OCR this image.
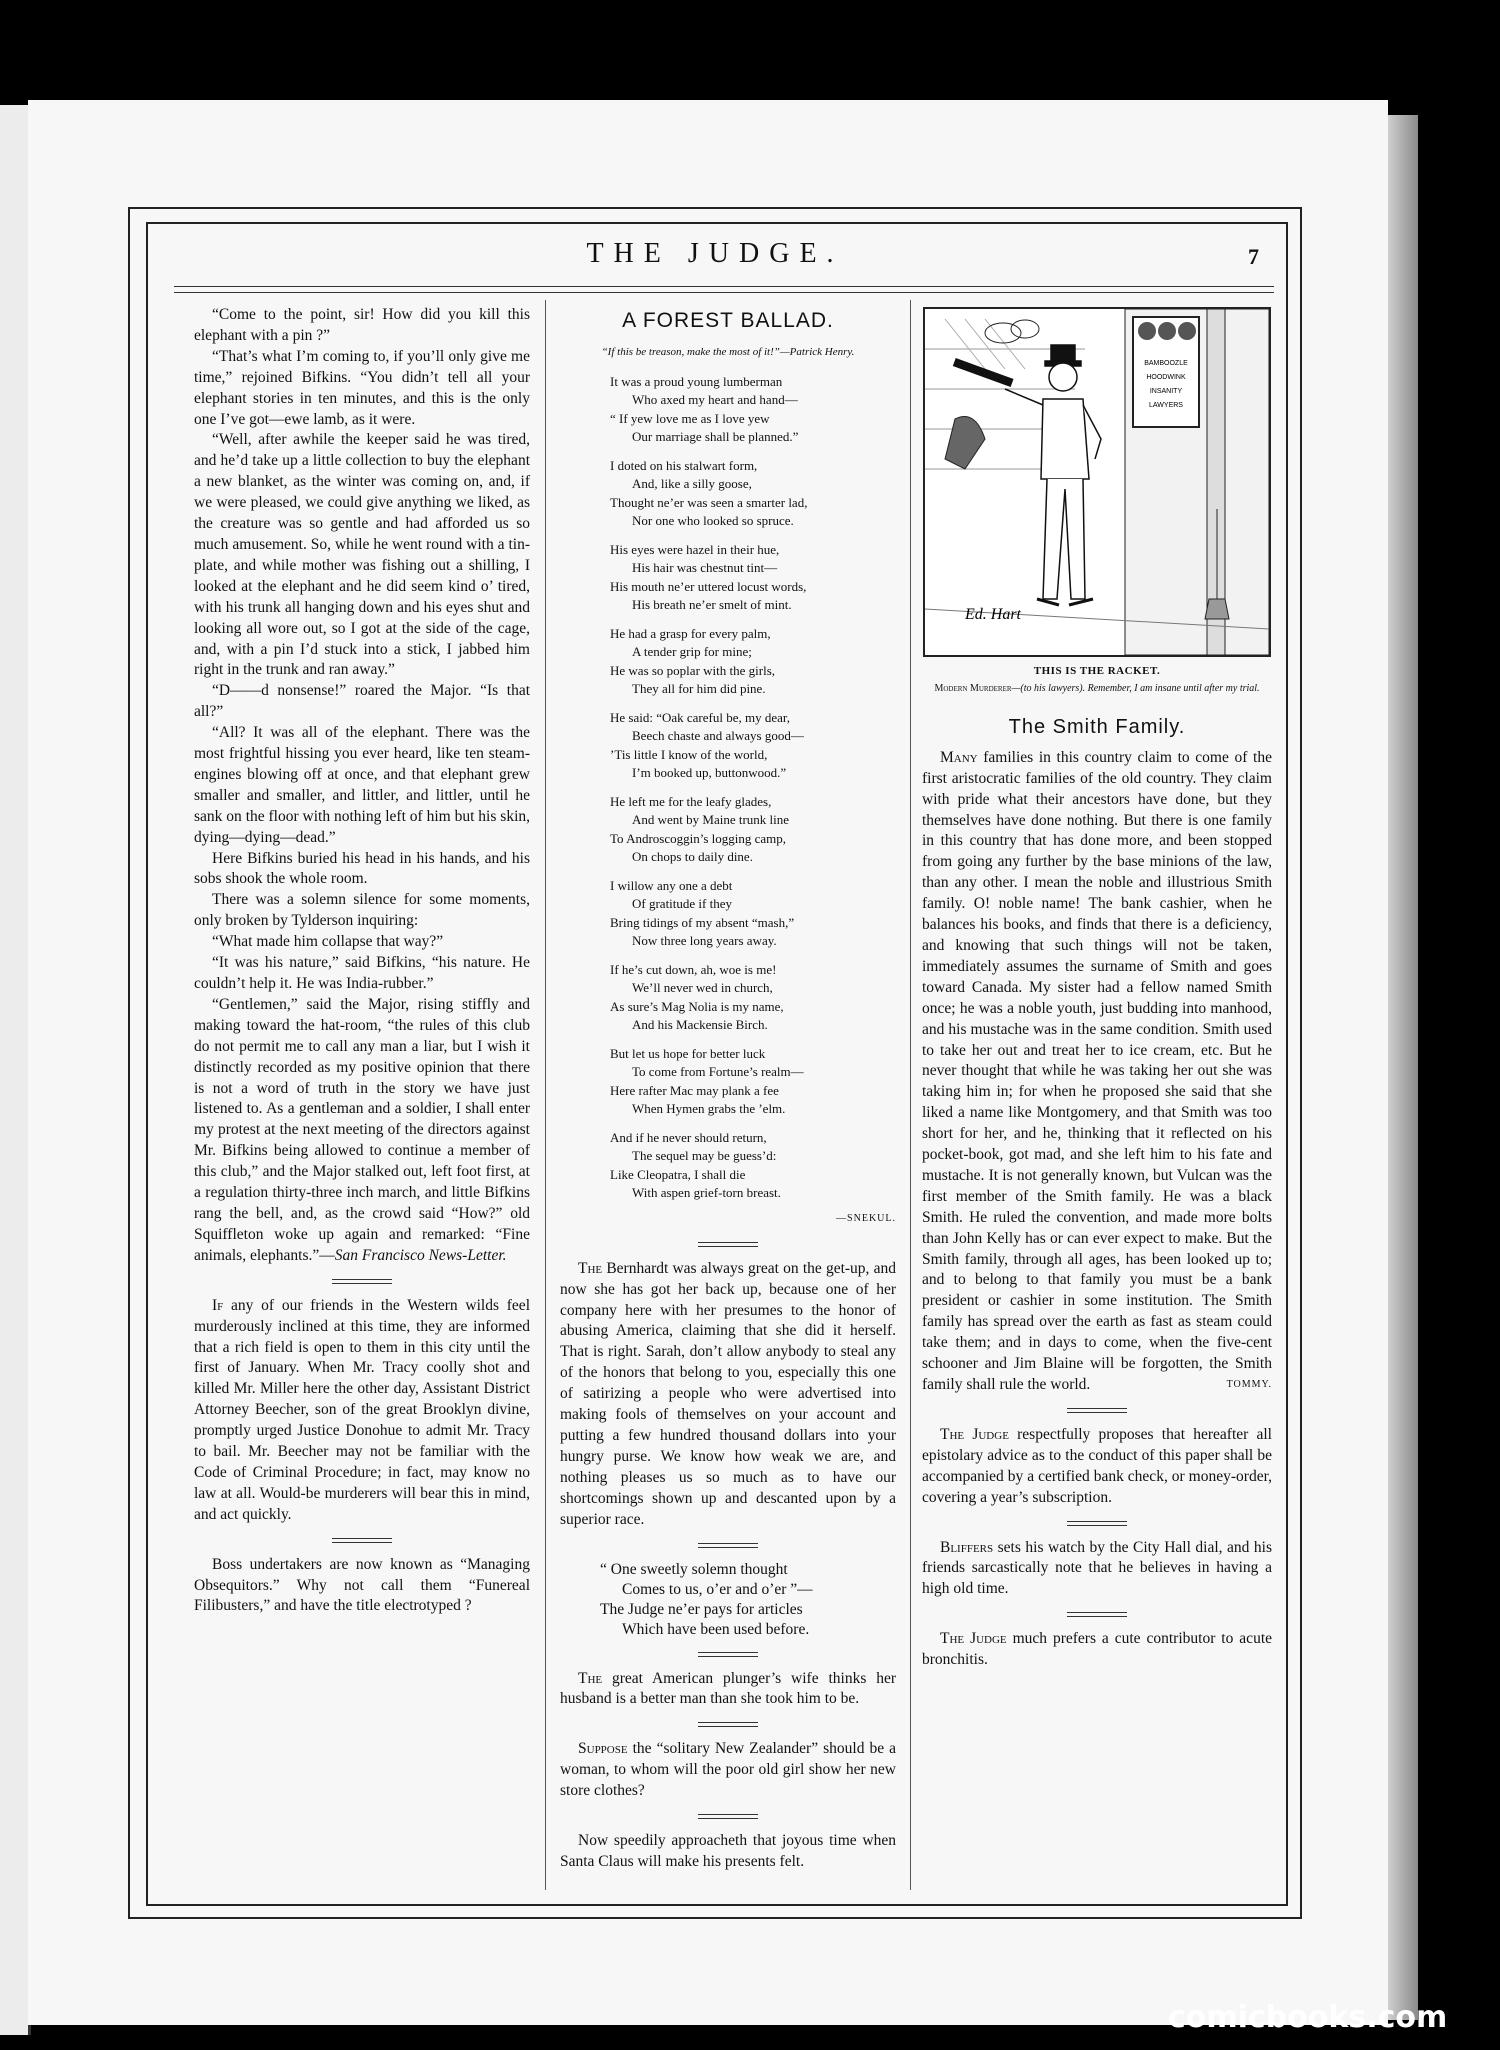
THE JUDGE.	7

“Come to the point, sir! How did you kill this elephant with a pin ?”

“That’s what I’m coming to, if you’ll only give me time,” rejoined Bifkins. “You didn’t tell all your elephant stories in ten minutes, and this is the only one I’ve got—ewe lamb, as it were.

“Well, after awhile the keeper said he was tired, and he’d take up a little collection to buy the elephant a new blanket, as the winter was coming on, and, if we were pleased, we could give anything we liked, as the creature was so gentle and had afforded us so much amusement. So, while he went round with a tin-plate, and while mother was fishing out a shilling, I looked at the elephant and he did seem kind o’ tired, with his trunk all hanging down and his eyes shut and looking all wore out, so I got at the side of the cage, and, with a pin I’d stuck into a stick, I jabbed him right in the trunk and ran away.”

“D——d nonsense!” roared the Major. “Is that all?”

“All? It was all of the elephant. There was the most frightful hissing you ever heard, like ten steam-engines blowing off at once, and that elephant grew smaller and smaller, and littler, and littler, until he sank on the floor with nothing left of him but his skin, dying—dying—dead.”

Here Bifkins buried his head in his hands, and his sobs shook the whole room.

There was a solemn silence for some moments, only broken by Tylderson inquiring:

“What made him collapse that way?”

“It was his nature,” said Bifkins, “his nature. He couldn’t help it. He was India-rubber.”

“Gentlemen,” said the Major, rising stiffly and making toward the hat-room, “the rules of this club do not permit me to call any man a liar, but I wish it distinctly recorded as my positive opinion that there is not a word of truth in the story we have just listened to. As a gentleman and a soldier, I shall enter my protest at the next meeting of the directors against Mr. Bifkins being allowed to continue a member of this club,” and the Major stalked out, left foot first, at a regulation thirty-three inch march, and little Bifkins rang the bell, and, as the crowd said “How?” old Squiffleton woke up again and remarked: “Fine animals, elephants.”—San Francisco News-Letter.

If any of our friends in the Western wilds feel murderously inclined at this time, they are informed that a rich field is open to them in this city until the first of January. When Mr. Tracy coolly shot and killed Mr. Miller here the other day, Assistant District Attorney Beecher, son of the great Brooklyn divine, promptly urged Justice Donohue to admit Mr. Tracy to bail. Mr. Beecher may not be familiar with the Code of Criminal Procedure; in fact, may know no law at all. Would-be murderers will bear this in mind, and act quickly.

Boss undertakers are now known as “Managing Obsequitors.” Why not call them “Funereal Filibusters,” and have the title electrotyped ?

A FOREST BALLAD.
“If this be treason, make the most of it!”—Patrick Henry.
It was a proud young lumberman
Who axed my heart and hand—
“ If yew love me as I love yew
Our marriage shall be planned.”
I doted on his stalwart form,
And, like a silly goose,
Thought ne’er was seen a smarter lad,
Nor one who looked so spruce.
His eyes were hazel in their hue,
His hair was chestnut tint—
His mouth ne’er uttered locust words,
His breath ne’er smelt of mint.
He had a grasp for every palm,
A tender grip for mine;
He was so poplar with the girls,
They all for him did pine.
He said: “Oak careful be, my dear,
Beech chaste and always good—
’Tis little I know of the world,
I’m booked up, buttonwood.”
He left me for the leafy glades,
And went by Maine trunk line
To Androscoggin’s logging camp,
On chops to daily dine.
I willow any one a debt
Of gratitude if they
Bring tidings of my absent “mash,”
Now three long years away.
If he’s cut down, ah, woe is me!
We’ll never wed in church,
As sure’s Mag Nolia is my name,
And his Mackensie Birch.
But let us hope for better luck
To come from Fortune’s realm—
Here rafter Mac may plank a fee
When Hymen grabs the ’elm.
And if he never should return,
The sequel may be guess’d:
Like Cleopatra, I shall die
With aspen grief-torn breast.
—SNEKUL.

The Bernhardt was always great on the get-up, and now she has got her back up, because one of her company here with her presumes to the honor of abusing America, claiming that she did it herself. That is right. Sarah, don’t allow anybody to steal any of the honors that belong to you, especially this one of satirizing a people who were advertised into making fools of themselves on your account and putting a few hundred thousand dollars into your hungry purse. We know how weak we are, and nothing pleases us so much as to have our shortcomings shown up and descanted upon by a superior race.

“ One sweetly solemn thought
Comes to us, o’er and o’er ”—
The Judge ne’er pays for articles
Which have been used before.

The great American plunger’s wife thinks her husband is a better man than she took him to be.

Suppose the “solitary New Zealander” should be a woman, to whom will the poor old girl show her new store clothes?

Now speedily approacheth that joyous time when Santa Claus will make his presents felt.

BAMBOOZLE
HOODWINK
INSANITY
LAWYERS
Ed. Hart
THIS IS THE RACKET.
Modern Murderer—(to his lawyers). Remember, I am insane until after my trial.
The Smith Family.

Many families in this country claim to come of the first aristocratic families of the old country. They claim with pride what their ancestors have done, but they themselves have done nothing. But there is one family in this country that has done more, and been stopped from going any further by the base minions of the law, than any other. I mean the noble and illustrious Smith family. O! noble name! The bank cashier, when he balances his books, and finds that there is a deficiency, and knowing that such things will not be taken, immediately assumes the surname of Smith and goes toward Canada. My sister had a fellow named Smith once; he was a noble youth, just budding into manhood, and his mustache was in the same condition. Smith used to take her out and treat her to ice cream, etc. But he never thought that while he was taking her out she was taking him in; for when he proposed she said that she liked a name like Montgomery, and that Smith was too short for her, and he, thinking that it reflected on his pocket-book, got mad, and she left him to his fate and mustache. It is not generally known, but Vulcan was the first member of the Smith family. He was a black Smith. He ruled the convention, and made more bolts than John Kelly has or can ever expect to make. But the Smith family, through all ages, has been looked up to; and to belong to that family you must be a bank president or cashier in some institution. The Smith family has spread over the earth as fast as steam could take them; and in days to come, when the five-cent schooner and Jim Blaine will be forgotten, the Smith family shall rule the world.	TOMMY.

The Judge respectfully proposes that hereafter all epistolary advice as to the conduct of this paper shall be accompanied by a certified bank check, or money-order, covering a year’s subscription.

Bliffers sets his watch by the City Hall dial, and his friends sarcastically note that he believes in having a high old time.

The Judge much prefers a cute contributor to acute bronchitis.

comicbooks.com
